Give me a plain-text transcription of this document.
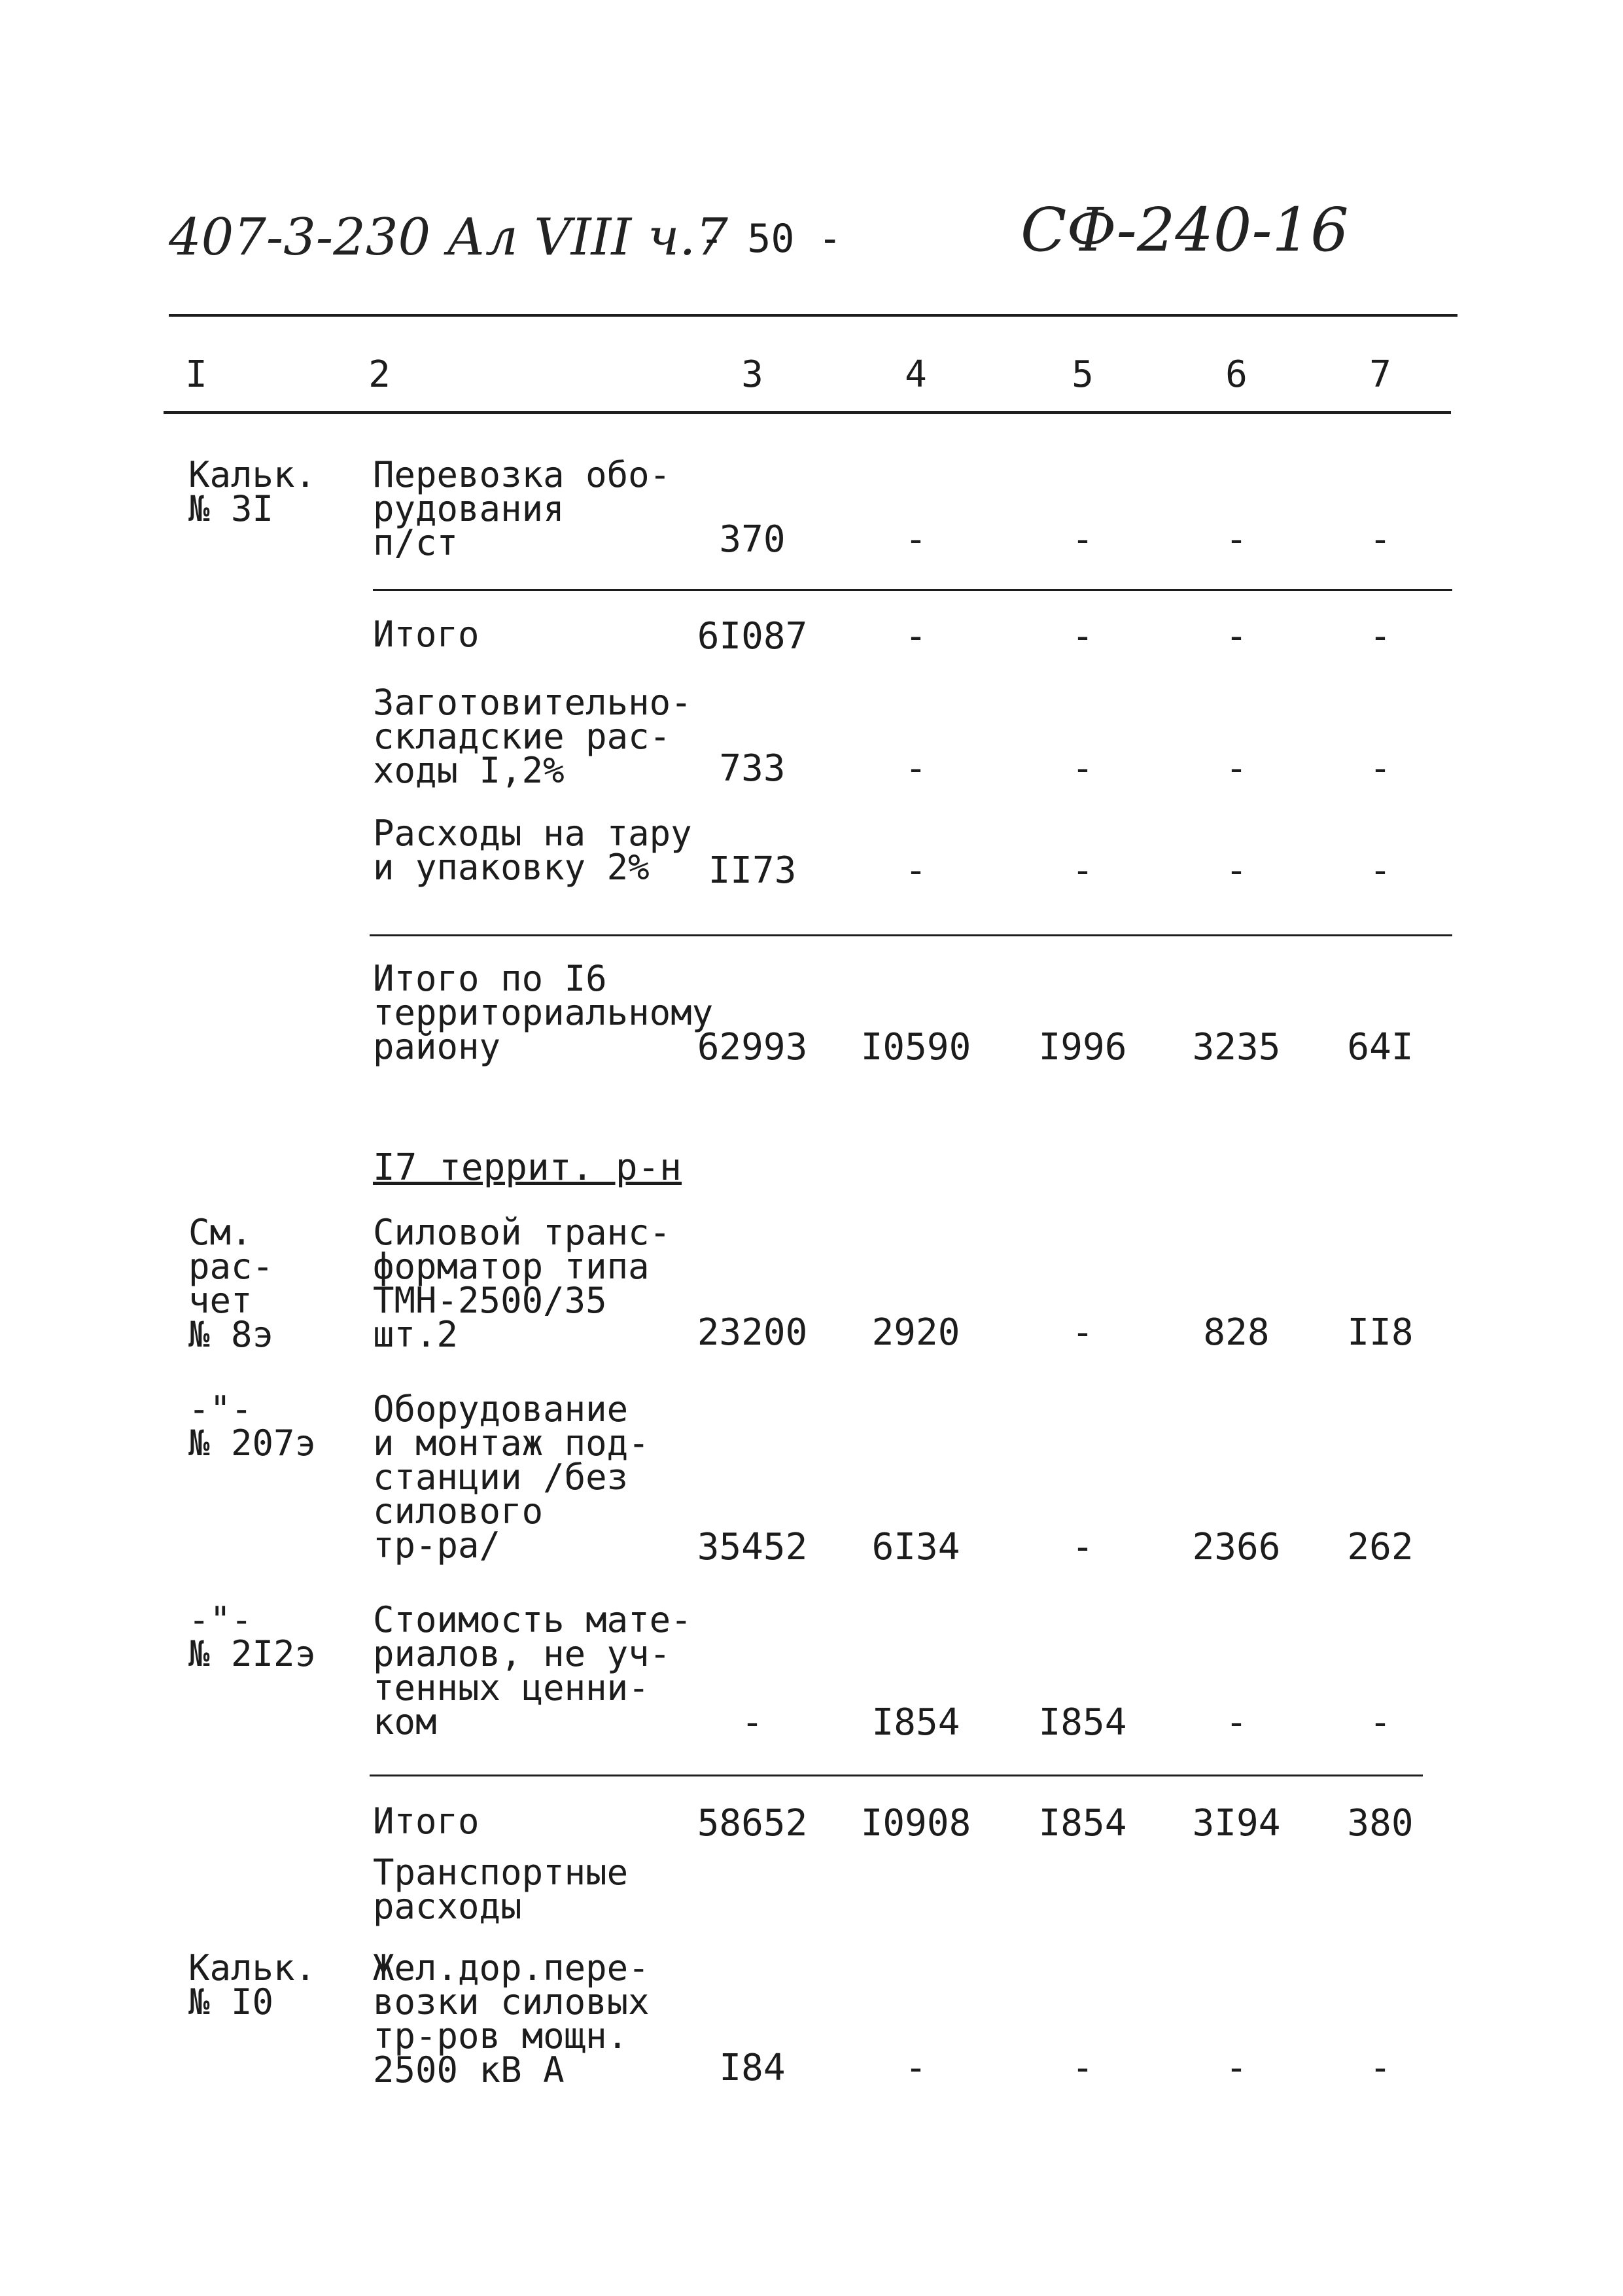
407-3-230 Ал VIII ч.7
- 50 -	СФ-240-16
I	2	3	4	5	6	7
Кальк.
№ 3I
Перевозка обо-
рудования
п/ст	370	-	-	-	-
Итого	6I087	-	-	-	-
Заготовительно-
складские рас-
ходы I,2%	733	-	-	-	-
Расходы на тару
и упаковку 2%	II73	-	-	-	-
Итого по I6
территориальному
району	62993 I0590	I996	3235	64I
I7 террит. р-н
См.
рас-
чет
№ 8э
Силовой транс-
форматор типа
ТМН-2500/35
шт.2	23200	2920	-	828	II8
-"-
№ 207э
Оборудование
и монтаж под-
станции /без
силового
тр-ра/	35452	6I34	-	2366	262
-"-
№ 2I2э
Стоимость мате-
риалов, не уч-
тенных ценни-
ком	-	I854	I854	-	-
Итого	58652 I0908	I854	3I94	380
Транспортные
расходы
Кальк.
№ I0
Жел.дор.пере-
возки силовых
тр-ров мощн.
2500 кВ А	I84	-	-	-	-
